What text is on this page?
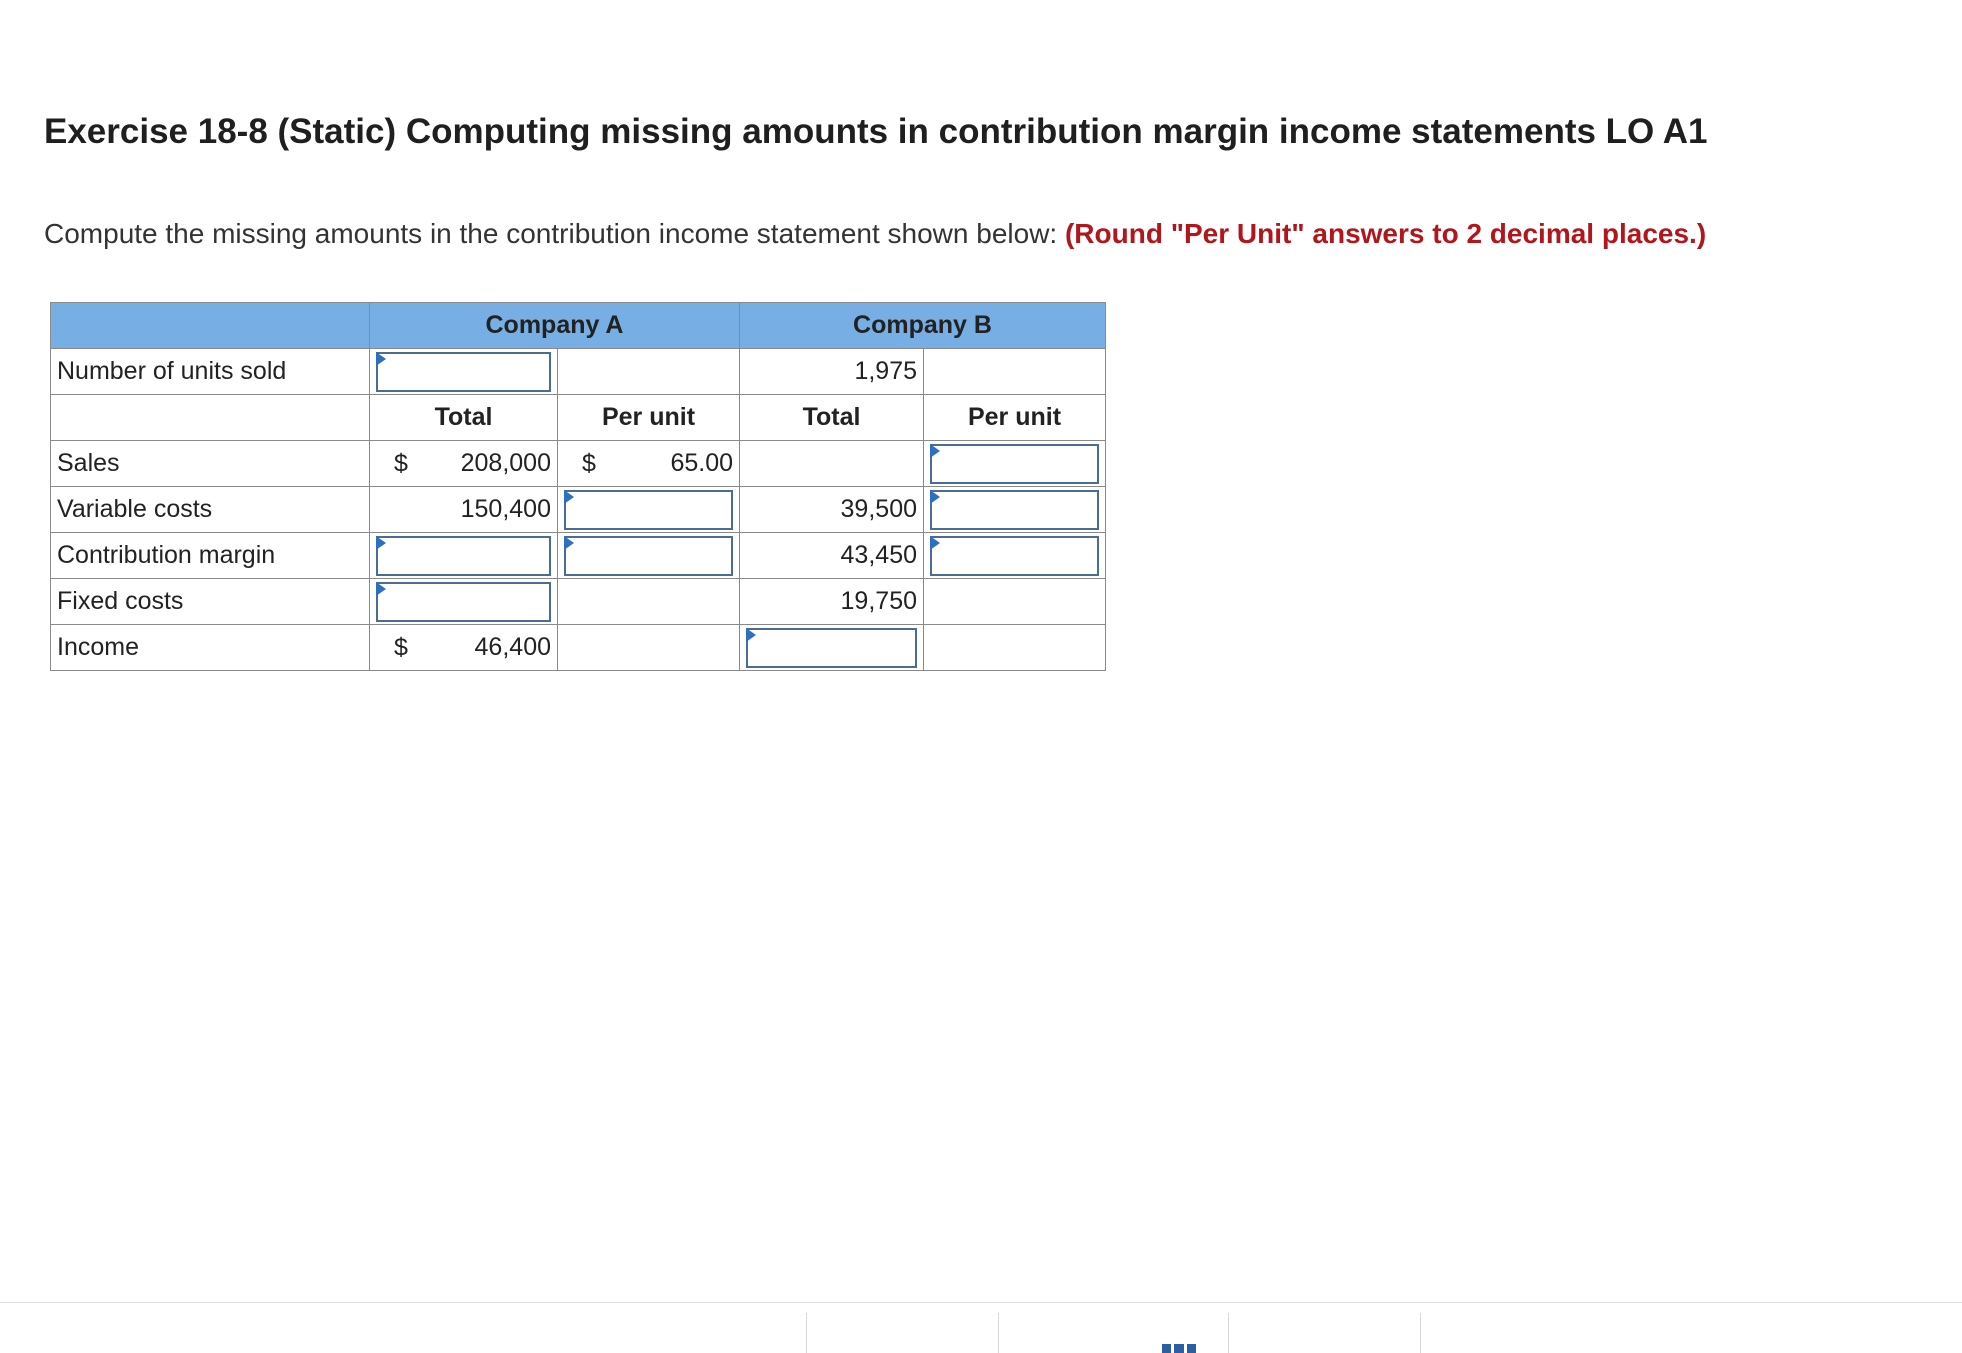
Exercise 18-8 (Static) Computing missing amounts in contribution margin income statements LO A1
Compute the missing amounts in the contribution income statement shown below: (Round "Per Unit" answers to 2 decimal places.)
	Company A		Company B	
Number of units sold			1,975	
	Total	Per unit	Total	Per unit
Sales	$ 208,000	$ 65.00		

Variable costs	150,400		39,500	

Contribution margin			43,450	

Fixed costs			19,750	
Income	$ 46,400			
